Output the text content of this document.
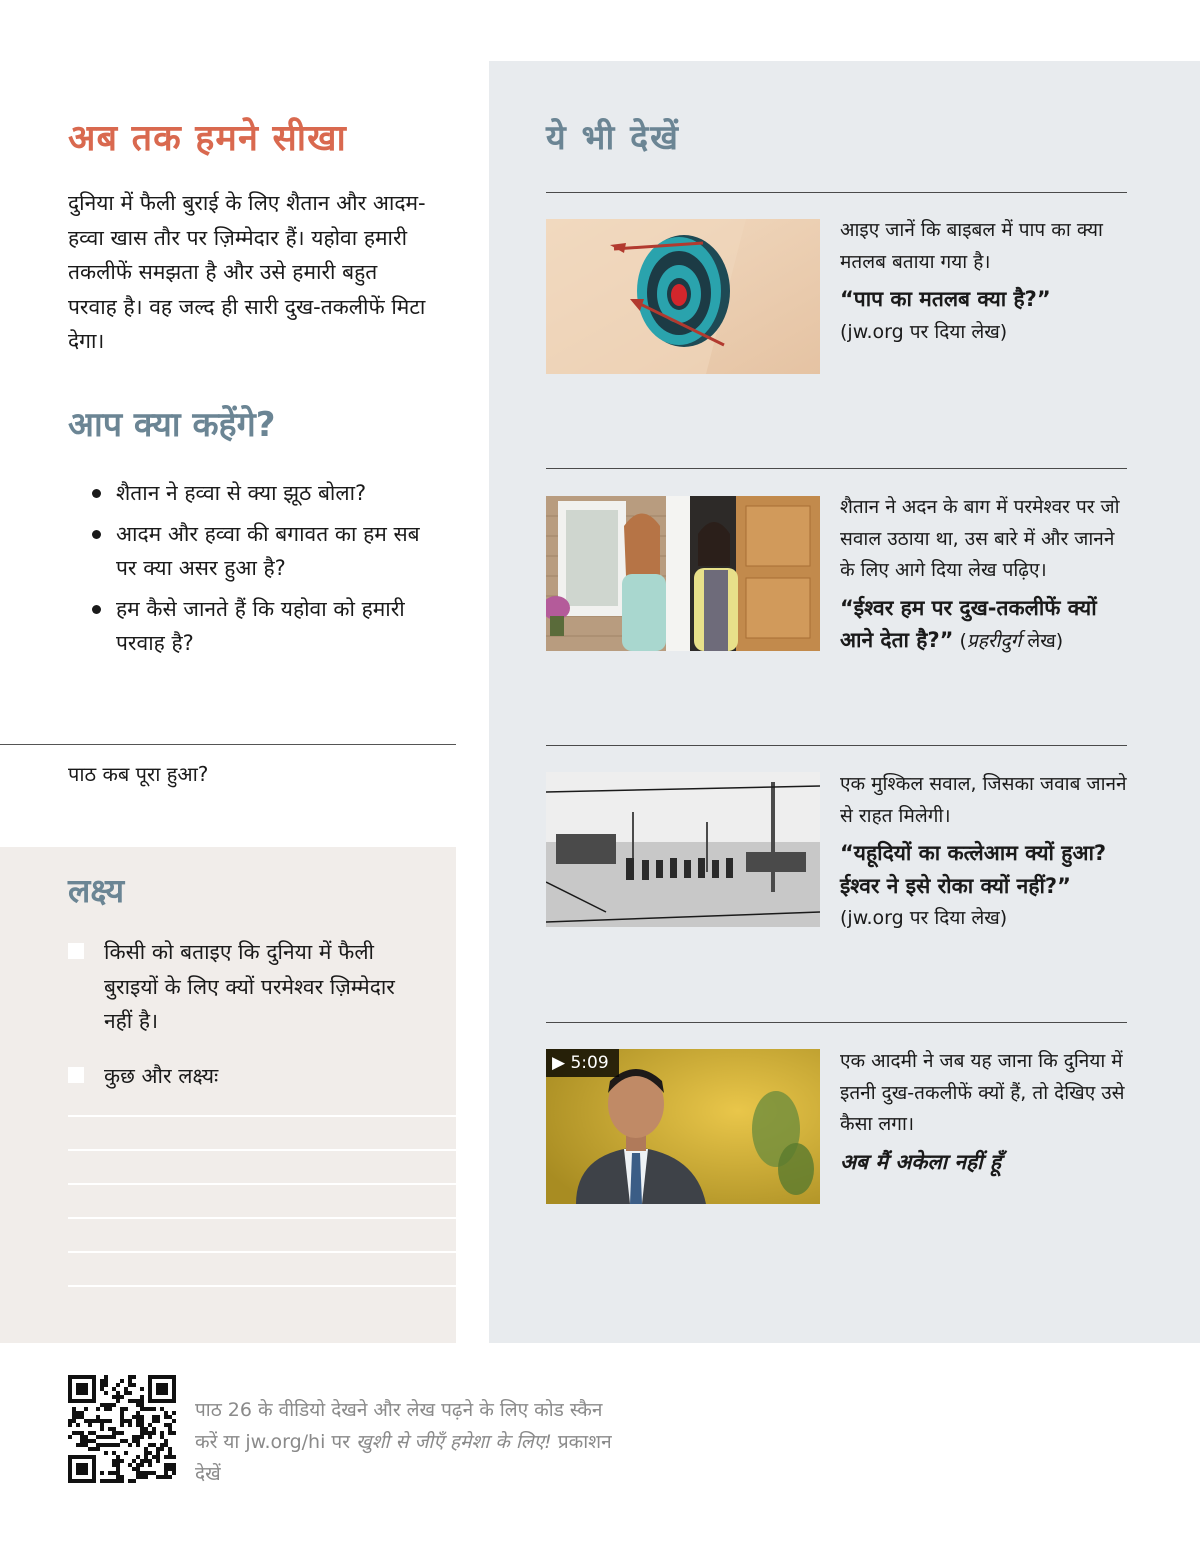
अब तक हमने सीखा

दुनिया में फैली बुराई के लिए शैतान और आदम-हव्वा खास तौर पर ज़िम्मेदार हैं। यहोवा हमारी तकलीफें समझता है और उसे हमारी बहुत परवाह है। वह जल्द ही सारी दुख-तकलीफें मिटा देगा।

आप क्या कहेंगे?
शैतान ने हव्वा से क्या झूठ बोला?
आदम और हव्वा की बगावत का हम सब पर क्या असर हुआ है?
हम कैसे जानते हैं कि यहोवा को हमारी परवाह है?
पाठ कब पूरा हुआ?
लक्ष्य
किसी को बताइए कि दुनिया में फैली बुराइयों के लिए क्यों परमेश्वर ज़िम्मेदार नहीं है।
कुछ और लक्ष्यः
ये भी देखें
आइए जानें कि बाइबल में पाप का क्या मतलब बताया गया है।
“पाप का मतलब क्या है?”
(jw.org पर दिया लेख)
शैतान ने अदन के बाग में परमेश्वर पर जो सवाल उठाया था, उस बारे में और जानने के लिए आगे दिया लेख पढ़िए।
“ईश्वर हम पर दुख-तकलीफें क्यों आने देता है?” (प्रहरीदुर्ग लेख)
एक मुश्किल सवाल, जिसका जवाब जानने से राहत मिलेगी।
“यहूदियों का कत्लेआम क्यों हुआ? ईश्वर ने इसे रोका क्यों नहीं?” (jw.org पर दिया लेख)
▶ 5:09	एक आदमी ने जब यह जाना कि दुनिया में इतनी दुख-तकलीफें क्यों हैं, तो देखिए उसे कैसा लगा।
अब मैं अकेला नहीं हूँ

पाठ 26 के वीडियो देखने और लेख पढ़ने के लिए कोड स्कैन करें या jw.org/hi पर खुशी से जीएँ हमेशा के लिए! प्रकाशन देखें
